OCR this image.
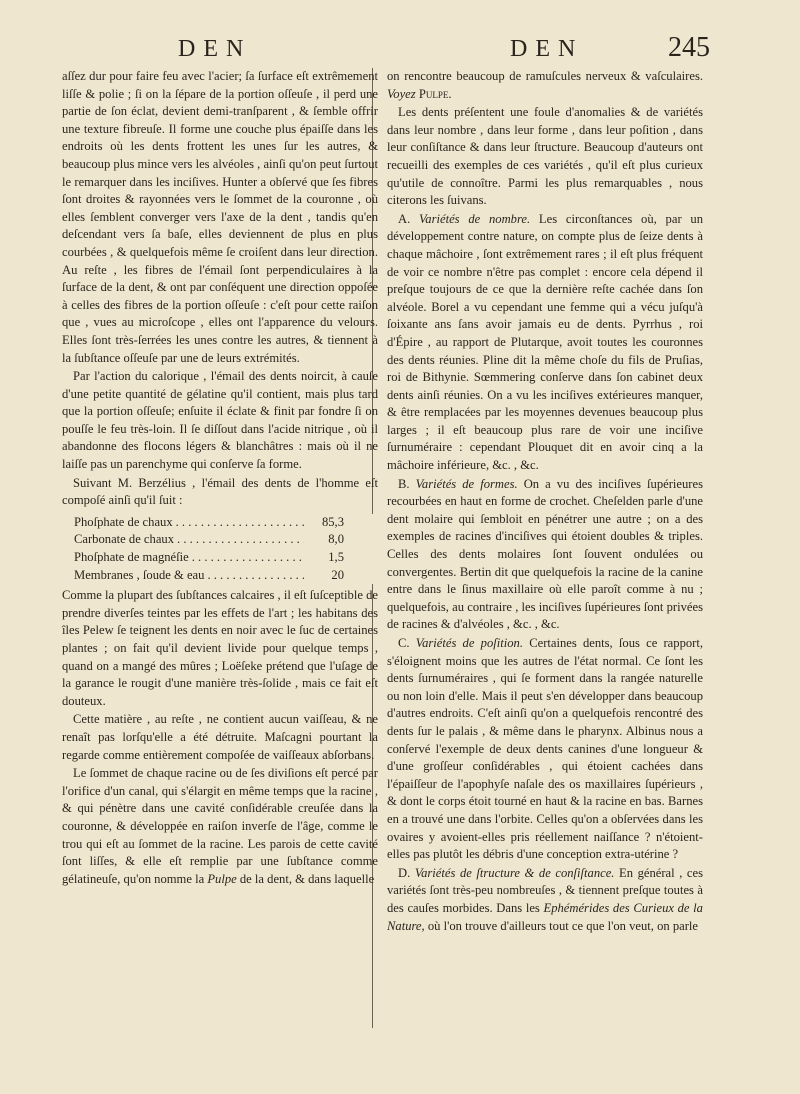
DEN	DEN	245

aſſez dur pour faire feu avec l'acier; ſa ſurface eſt extrêmement liſſe & polie ; ſi on la ſépare de la portion oſſeuſe , il perd une partie de ſon éclat, devient demi-tranſparent , & ſemble offrir une texture fibreuſe. Il forme une couche plus épaiſſe dans les endroits où les dents frottent les unes ſur les autres, & beaucoup plus mince vers les alvéoles , ainſi qu'on peut ſurtout le remarquer dans les inciſives. Hunter a obſervé que ſes fibres ſont droites & rayonnées vers le ſommet de la couronne , où elles ſemblent converger vers l'axe de la dent , tandis qu'en deſcendant vers ſa baſe, elles deviennent de plus en plus courbées , & quelquefois même ſe croiſent dans leur direction. Au reſte , les fibres de l'émail ſont perpendiculaires à la ſurface de la dent, & ont par conſéquent une direction oppoſée à celles des fibres de la portion oſſeuſe : c'eſt pour cette raiſon que , vues au microſcope , elles ont l'apparence du velours. Elles ſont très-ſerrées les unes contre les autres, & tiennent à la ſubſtance oſſeuſe par une de leurs extrémités.

Par l'action du calorique , l'émail des dents noircit, à cauſe d'une petite quantité de gélatine qu'il contient, mais plus tard que la portion oſſeuſe; enſuite il éclate & finit par fondre ſi on pouſſe le feu très-loin. Il ſe diſſout dans l'acide nitrique , où il abandonne des flocons légers & blanchâtres : mais où il ne laiſſe pas un parenchyme qui conſerve ſa forme.

Suivant M. Berzélius , l'émail des dents de l'homme eſt compoſé ainſi qu'il ſuit :

Phoſphate de chaux . . .	85,3
Carbonate de chaux . . .	8,0
Phoſphate de magnéſie . . .	1,5
Membranes , ſoude & eau . . .	20

Comme la plupart des ſubſtances calcaires , il eſt ſuſceptible de prendre diverſes teintes par les effets de l'art ; les habitans des îles Pelew ſe teignent les dents en noir avec le ſuc de certaines plantes ; on fait qu'il devient livide pour quelque temps , quand on a mangé des mûres ; Loëſeke prétend que l'uſage de la garance le rougit d'une manière très-ſolide , mais ce fait eſt douteux.

Cette matière , au reſte , ne contient aucun vaiſſeau, & ne renaît pas lorſqu'elle a été détruite. Maſcagni pourtant la regarde comme entièrement compoſée de vaiſſeaux abſorbans.

Le ſommet de chaque racine ou de ſes diviſions eſt percé par l'orifice d'un canal, qui s'élargit en même temps que la racine , & qui pénètre dans une cavité conſidérable creuſée dans la couronne, & développée en raiſon inverſe de l'âge, comme le trou qui eſt au ſommet de la racine. Les parois de cette cavité ſont liſſes, & elle eſt remplie par une ſubſtance comme gélatineuſe, qu'on nomme la Pulpe de la dent, & dans laquelle

on rencontre beaucoup de ramuſcules nerveux & vaſculaires. Voyez Pulpe.

Les dents préſentent une foule d'anomalies & de variétés dans leur nombre , dans leur forme , dans leur poſition , dans leur conſiſtance & dans leur ſtructure. Beaucoup d'auteurs ont recueilli des exemples de ces variétés , qu'il eſt plus curieux qu'utile de connoître. Parmi les plus remarquables , nous citerons les ſuivans.

A. Variétés de nombre. Les circonſtances où, par un développement contre nature, on compte plus de ſeize dents à chaque mâchoire , ſont extrêmement rares ; il eſt plus fréquent de voir ce nombre n'être pas complet : encore cela dépend il preſque toujours de ce que la dernière reſte cachée dans ſon alvéole. Borel a vu cependant une femme qui a vécu juſqu'à ſoixante ans ſans avoir jamais eu de dents. Pyrrhus , roi d'Épire , au rapport de Plutarque, avoit toutes les couronnes des dents réunies. Pline dit la même choſe du fils de Pruſias, roi de Bithynie. Sœmmering conſerve dans ſon cabinet deux dents ainſi réunies. On a vu les inciſives extérieures manquer, & être remplacées par les moyennes devenues beaucoup plus larges ; il eſt beaucoup plus rare de voir une inciſive ſurnuméraire : cependant Plouquet dit en avoir cinq a la mâchoire inférieure, &c. , &c.

B. Variétés de formes. On a vu des inciſives ſupérieures recourbées en haut en forme de crochet. Cheſelden parle d'une dent molaire qui ſembloit en pénétrer une autre ; on a des exemples de racines d'inciſives qui étoient doubles & triples. Celles des dents molaires ſont ſouvent ondulées ou convergentes. Bertin dit que quelquefois la racine de la canine entre dans le ſinus maxillaire où elle paroît comme à nu ; quelquefois, au contraire , les inciſives ſupérieures ſont privées de racines & d'alvéoles , &c. , &c.

C. Variétés de poſition. Certaines dents, ſous ce rapport, s'éloignent moins que les autres de l'état normal. Ce ſont les dents ſurnuméraires , qui ſe forment dans la rangée naturelle ou non loin d'elle. Mais il peut s'en développer dans beaucoup d'autres endroits. C'eſt ainſi qu'on a quelquefois rencontré des dents ſur le palais , & même dans le pharynx. Albinus nous a conſervé l'exemple de deux dents canines d'une longueur & d'une groſſeur conſidérables , qui étoient cachées dans l'épaiſſeur de l'apophyſe naſale des os maxillaires ſupérieurs , & dont le corps étoit tourné en haut & la racine en bas. Barnes en a trouvé une dans l'orbite. Celles qu'on a obſervées dans les ovaires y avoient-elles pris réellement naiſſance ? n'étoient-elles pas plutôt les débris d'une conception extra-utérine ?

D. Variétés de ſtructure & de conſiſtance. En général , ces variétés ſont très-peu nombreuſes , & tiennent preſque toutes à des cauſes morbides. Dans les Ephémérides des Curieux de la Nature, où l'on trouve d'ailleurs tout ce que l'on veut, on parle
